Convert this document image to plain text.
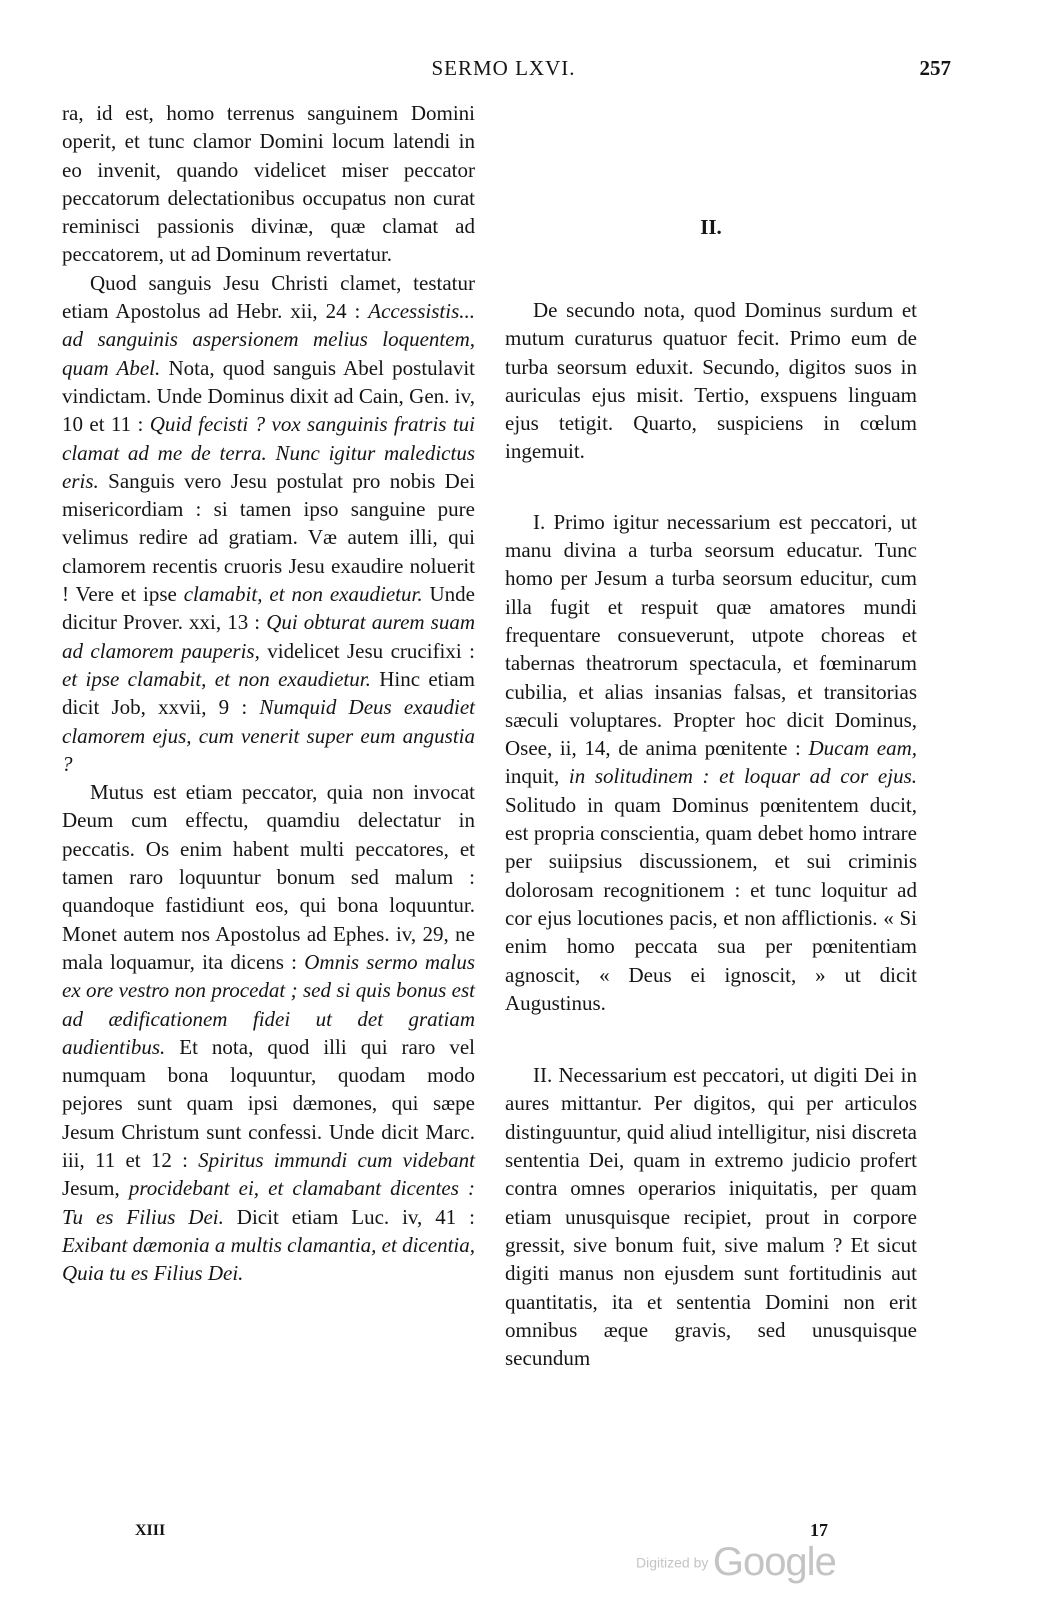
SERMO LXVI.	257

ra, id est, homo terrenus sanguinem Domini operit, et tunc clamor Domini locum latendi in eo invenit, quando videlicet miser peccator peccatorum delectationibus occupatus non curat reminisci passionis divinæ, quæ clamat ad peccatorem, ut ad Dominum revertatur.

Quod sanguis Jesu Christi clamet, testatur etiam Apostolus ad Hebr. xii, 24 : Accessistis... ad sanguinis aspersionem melius loquentem, quam Abel. Nota, quod sanguis Abel postulavit vindictam. Unde Dominus dixit ad Cain, Gen. iv, 10 et 11 : Quid fecisti ? vox sanguinis fratris tui clamat ad me de terra. Nunc igitur maledictus eris. Sanguis vero Jesu postulat pro nobis Dei misericordiam : si tamen ipso sanguine pure velimus redire ad gratiam. Væ autem illi, qui clamorem recentis cruoris Jesu exaudire noluerit ! Vere et ipse clamabit, et non exaudietur. Unde dicitur Prover. xxi, 13 : Qui obturat aurem suam ad clamorem pauperis, videlicet Jesu crucifixi : et ipse clamabit, et non exaudietur. Hinc etiam dicit Job, xxvii, 9 : Numquid Deus exaudiet clamorem ejus, cum venerit super eum angustia ?

Mutus est etiam peccator, quia non invocat Deum cum effectu, quamdiu delectatur in peccatis. Os enim habent multi peccatores, et tamen raro loquuntur bonum sed malum : quandoque fastidiunt eos, qui bona loquuntur. Monet autem nos Apostolus ad Ephes. iv, 29, ne mala loquamur, ita dicens : Omnis sermo malus ex ore vestro non procedat ; sed si quis bonus est ad ædificationem fidei ut det gratiam audientibus. Et nota, quod illi qui raro vel numquam bona loquuntur, quodam modo pejores sunt quam ipsi dæmones, qui sæpe Jesum Christum sunt confessi. Unde dicit Marc. iii, 11 et 12 : Spiritus immundi cum videbant Jesum, procidebant ei, et clamabant dicentes : Tu es Filius Dei. Dicit etiam Luc. iv, 41 : Exibant dæmonia a multis clamantia, et dicentia, Quia tu es Filius Dei.

II.

De secundo nota, quod Dominus surdum et mutum curaturus quatuor fecit. Primo eum de turba seorsum eduxit. Secundo, digitos suos in auriculas ejus misit. Tertio, exspuens linguam ejus tetigit. Quarto, suspiciens in cœlum ingemuit.

I. Primo igitur necessarium est peccatori, ut manu divina a turba seorsum educatur. Tunc homo per Jesum a turba seorsum educitur, cum illa fugit et respuit quæ amatores mundi frequentare consueverunt, utpote choreas et tabernas theatrorum spectacula, et fœminarum cubilia, et alias insanias falsas, et transitorias sæculi voluptares. Propter hoc dicit Dominus, Osee, ii, 14, de anima pœnitente : Ducam eam, inquit, in solitudinem : et loquar ad cor ejus. Solitudo in quam Dominus pœnitentem ducit, est propria conscientia, quam debet homo intrare per suiipsius discussionem, et sui criminis dolorosam recognitionem : et tunc loquitur ad cor ejus locutiones pacis, et non afflictionis. « Si enim homo peccata sua per pœnitentiam agnoscit, « Deus ei ignoscit, » ut dicit Augustinus.

II. Necessarium est peccatori, ut digiti Dei in aures mittantur. Per digitos, qui per articulos distinguuntur, quid aliud intelligitur, nisi discreta sententia Dei, quam in extremo judicio profert contra omnes operarios iniquitatis, per quam etiam unusquisque recipiet, prout in corpore gressit, sive bonum fuit, sive malum ? Et sicut digiti manus non ejusdem sunt fortitudinis aut quantitatis, ita et sententia Domini non erit omnibus æque gravis, sed unusquisque secundum

XIII	17
Digitized by Google
